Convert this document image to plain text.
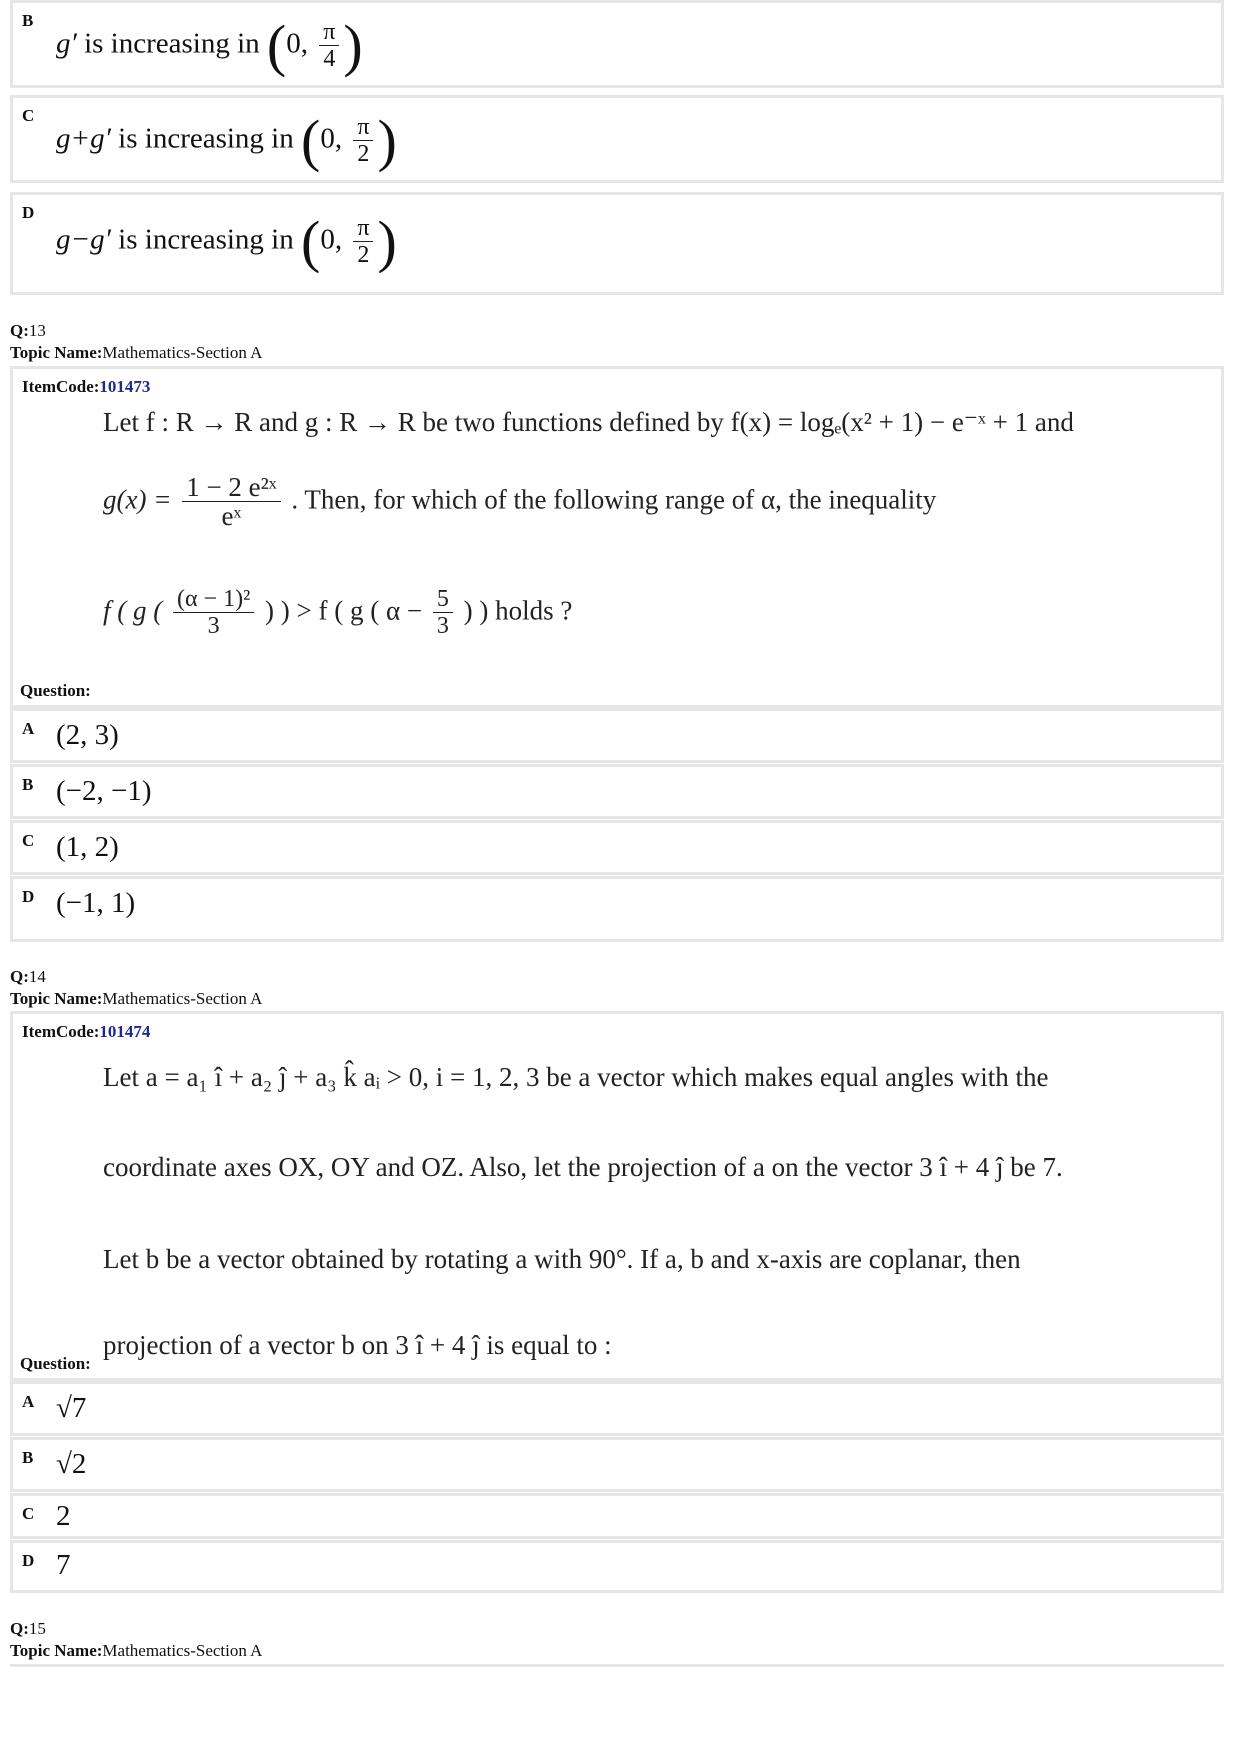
B
g′ is increasing in (0, $\frac{\pi}{4}$ )
C
g+g′ is increasing in (0, $\frac{\pi}{2}$ )
D
g−g′ is increasing in (0, $\frac{\pi}{2}$ )
Q:13
Topic Name:Mathematics-Section A
ItemCode:101473
Let f : R → R and g : R → R be two functions defined by f(x) = logₑ(x² + 1) − e⁻ˣ + 1 and
$g(x) = \frac{\text{1 − 2 e²ˣ}}{\text{eˣ}}$ . Then, for which of the following range of α, the inequality
f ( g ( $\frac{\text{(α − 1)²}}{3}$ ) ) > f ( g ( $\alpha - \frac{5}{3}$ ) ) holds ?
Question:
A (2, 3)
B (−2, −1)
C (1, 2)
D (−1, 1)
Q:14
Topic Name:Mathematics-Section A
ItemCode:101474
Let a = a₁ î + a₂ ĵ + a₃ k̂ aᵢ > 0, i = 1, 2, 3 be a vector which makes equal angles with the
coordinate axes OX, OY and OZ. Also, let the projection of a on the vector 3 î + 4 ĵ be 7.
Let b be a vector obtained by rotating a with 90°. If a, b and x-axis are coplanar, then
projection of a vector b on 3 î + 4 ĵ is equal to :
Question:
A √7
B √2
C 2
D 7
Q:15
Topic Name:Mathematics-Section A
